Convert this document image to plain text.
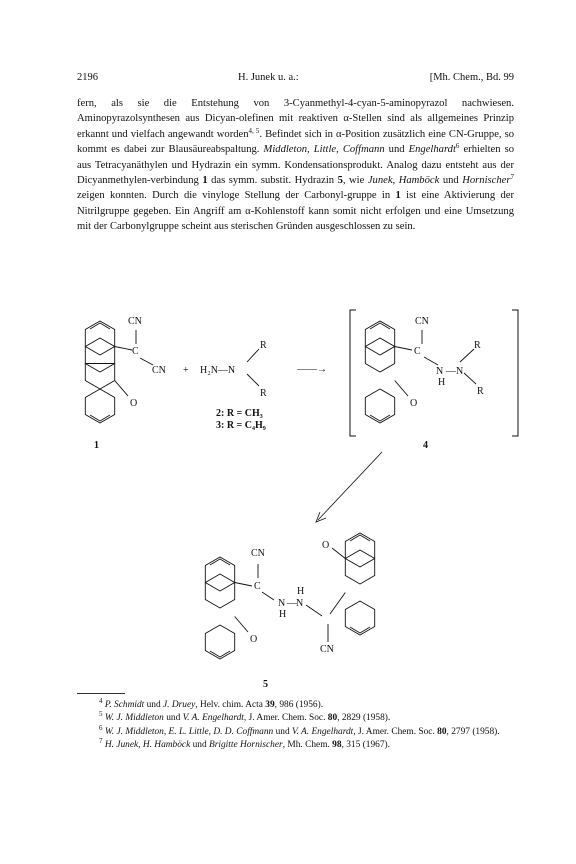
2196	H. Junek u. a.:	[Mh. Chem., Bd. 99

fern, als sie die Entstehung von 3-Cyanmethyl-4-cyan-5-aminopyrazol nachwiesen. Aminopyrazolsynthesen aus Dicyan-olefinen mit reaktiven α-Stellen sind als allgemeines Prinzip erkannt und vielfach angewandt worden$^{4, 5}$. Befindet sich in α-Position zusätzlich eine CN-Gruppe, so kommt es dabei zur Blausäureabspaltung. Middleton, Little, Coffmann und Engelhardt$^6$ erhielten so aus Tetracyanäthylen und Hydrazin ein symm. Kondensationsprodukt. Analog dazu entsteht aus der Dicyanmethylen-verbindung 1 das symm. substit. Hydrazin 5, wie Junek, Hamböck und Hornischer$^7$ zeigen konnten. Durch die vinyloge Stellung der Carbonyl-gruppe in 1 ist eine Aktivierung der Nitrilgruppe gegeben. Ein Angriff am α-Kohlenstoff kann somit nicht erfolgen und eine Umsetzung mit der Carbonylgruppe scheint aus sterischen Gründen ausgeschlossen zu sein.

CN
C
CN
O
1
+ H₂N—N
R
R
2: R = CH₃
3: R = C₄H₉
——→
CN
C
N — N
H
R
R
O
4
CN
C
O
N — N
H
H
CN
O
5

$^4$ P. Schmidt und J. Druey, Helv. chim. Acta 39, 986 (1956).

$^5$ W. J. Middleton und V. A. Engelhardt, J. Amer. Chem. Soc. 80, 2829 (1958).

$^6$ W. J. Middleton, E. L. Little, D. D. Coffmann und V. A. Engelhardt, J. Amer. Chem. Soc. 80, 2797 (1958).

$^7$ H. Junek, H. Hamböck und Brigitte Hornischer, Mh. Chem. 98, 315 (1967).
